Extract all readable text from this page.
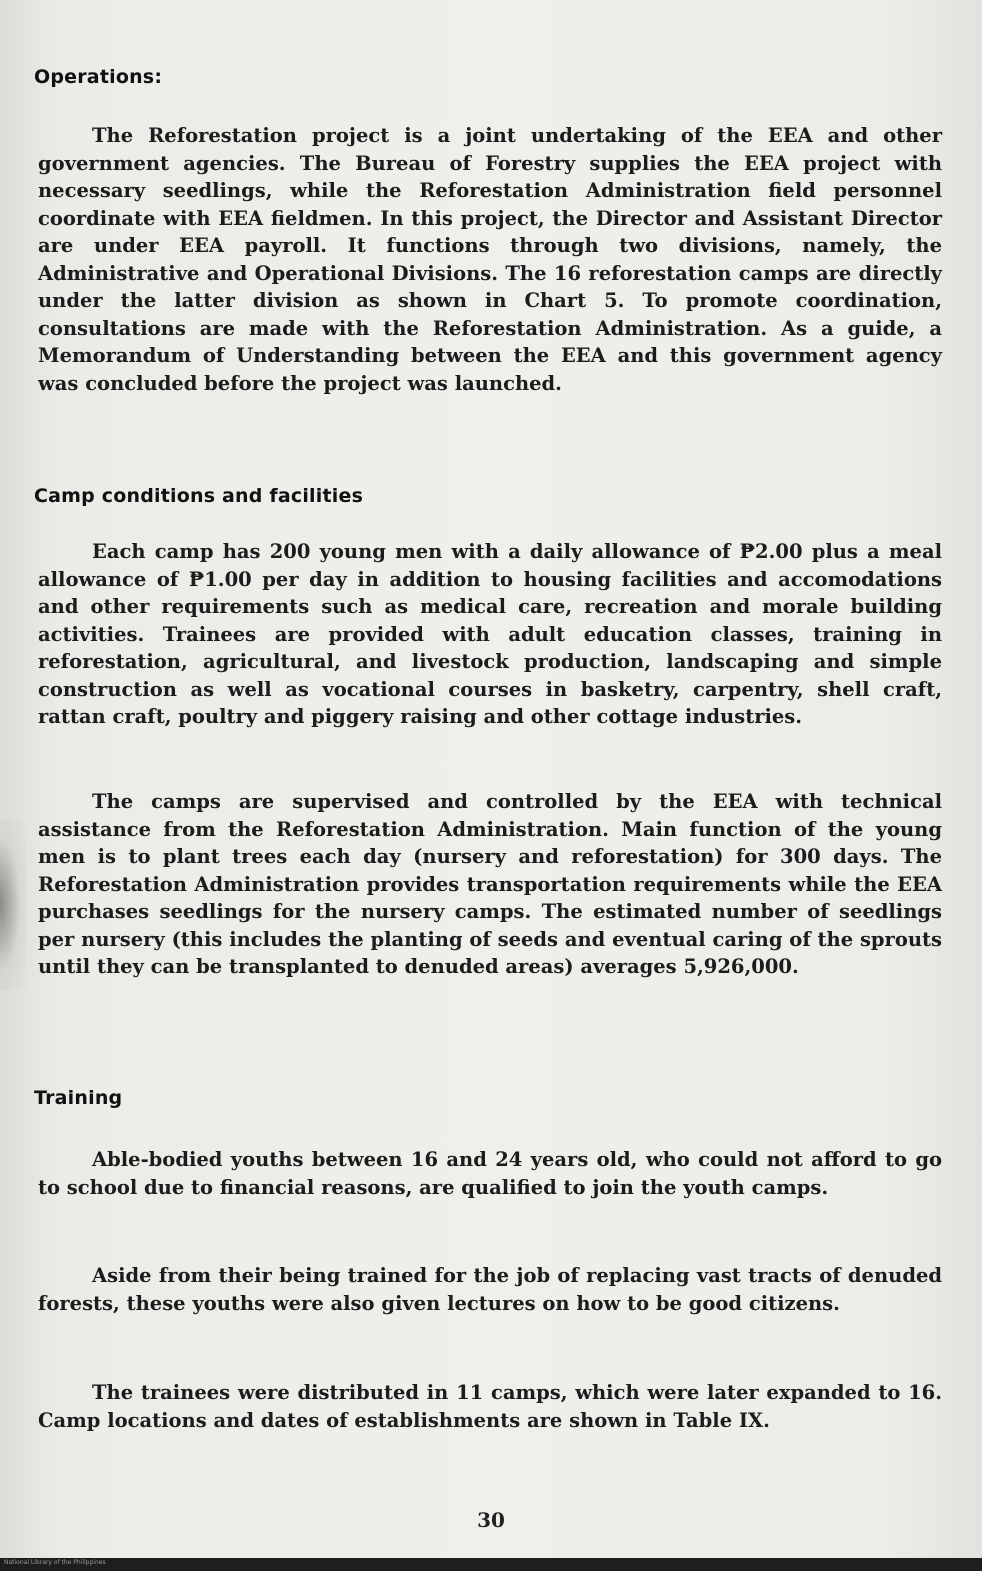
Operations:

The Reforestation project is a joint undertaking of the EEA and other government agencies. The Bureau of Forestry supplies the EEA project with necessary seedlings, while the Reforestation Administration field personnel coordinate with EEA fieldmen. In this project, the Director and Assistant Director are under EEA payroll. It functions through two divisions, namely, the Administrative and Operational Divisions. The 16 reforestation camps are directly under the latter division as shown in Chart 5. To promote coordination, consultations are made with the Reforestation Administration. As a guide, a Memorandum of Understanding between the EEA and this government agency was concluded before the project was launched.

Camp conditions and facilities

Each camp has 200 young men with a daily allowance of ₱2.00 plus a meal allowance of ₱1.00 per day in addition to housing facilities and accomodations and other requirements such as medical care, recreation and morale building activities. Trainees are provided with adult education classes, training in reforestation, agricultural, and livestock production, landscaping and simple construction as well as vocational courses in basketry, carpentry, shell craft, rattan craft, poultry and piggery raising and other cottage industries.

The camps are supervised and controlled by the EEA with technical assistance from the Reforestation Administration. Main function of the young men is to plant trees each day (nursery and reforestation) for 300 days. The Reforestation Administration provides transportation requirements while the EEA purchases seedlings for the nursery camps. The estimated number of seedlings per nursery (this includes the planting of seeds and eventual caring of the sprouts until they can be transplanted to denuded areas) averages 5,926,000.

Training

Able-bodied youths between 16 and 24 years old, who could not afford to go to school due to financial reasons, are qualified to join the youth camps.

Aside from their being trained for the job of replacing vast tracts of denuded forests, these youths were also given lectures on how to be good citizens.

The trainees were distributed in 11 camps, which were later expanded to 16. Camp locations and dates of establishments are shown in Table IX.

30
National Library of the Philippines
